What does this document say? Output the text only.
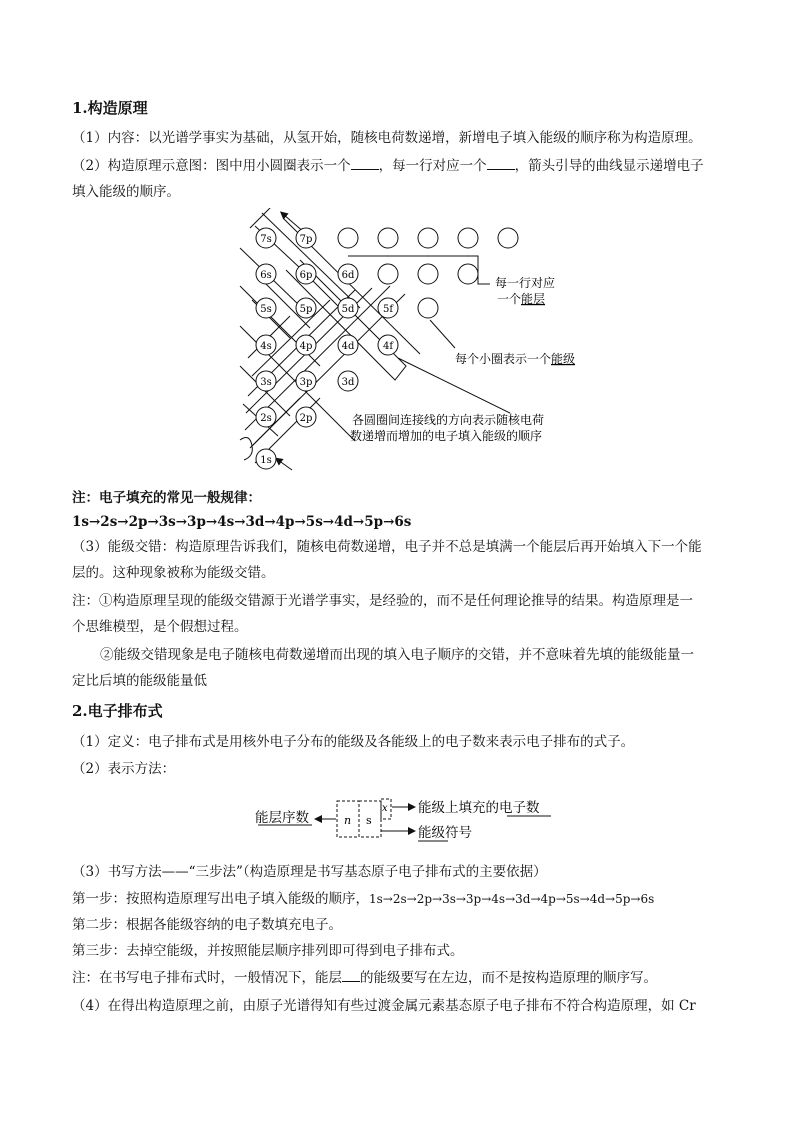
1.构造原理
（1）内容：以光谱学事实为基础，从氢开始，随核电荷数递增，新增电子填入能级的顺序称为构造原理。
（2）构造原理示意图：图中用小圆圈表示一个 ，每一行对应一个 ，箭头引导的曲线显示递增电子
填入能级的顺序。
7s	7p
6s	6p	6d
5s	5p	5d	5f
4s	4p	4d	4f
3s	3p	3d
2s	2p
1s
每一行对应
一个能层
每个小圈表示一个能级
各圆圈间连接线的方向表示随核电荷
数递增而增加的电子填入能级的顺序
注：电子填充的常见一般规律：
1s→2s→2p→3s→3p→4s→3d→4p→5s→4d→5p→6s
（3）能级交错：构造原理告诉我们，随核电荷数递增，电子并不总是填满一个能层后再开始填入下一个能
层的。这种现象被称为能级交错。
注：①构造原理呈现的能级交错源于光谱学事实，是经验的，而不是任何理论推导的结果。构造原理是一
个思维模型，是个假想过程。
②能级交错现象是电子随核电荷数递增而出现的填入电子顺序的交错，并不意味着先填的能级能量一
定比后填的能级能量低
2.电子排布式
（1）定义：电子排布式是用核外电子分布的能级及各能级上的电子数来表示电子排布的式子。
（2）表示方法：
能层序数	n s
x 能级上填充的电子数
能级符号
（3）书写方法——“三步法”（构造原理是书写基态原子电子排布式的主要依据）
第一步：按照构造原理写出电子填入能级的顺序，1s→2s→2p→3s→3p→4s→3d→4p→5s→4d→5p→6s
第二步：根据各能级容纳的电子数填充电子。
第三步：去掉空能级，并按照能层顺序排列即可得到电子排布式。
注：在书写电子排布式时，一般情况下，能层 的能级要写在左边，而不是按构造原理的顺序写。
（4）在得出构造原理之前，由原子光谱得知有些过渡金属元素基态原子电子排布不符合构造原理，如 Cr
